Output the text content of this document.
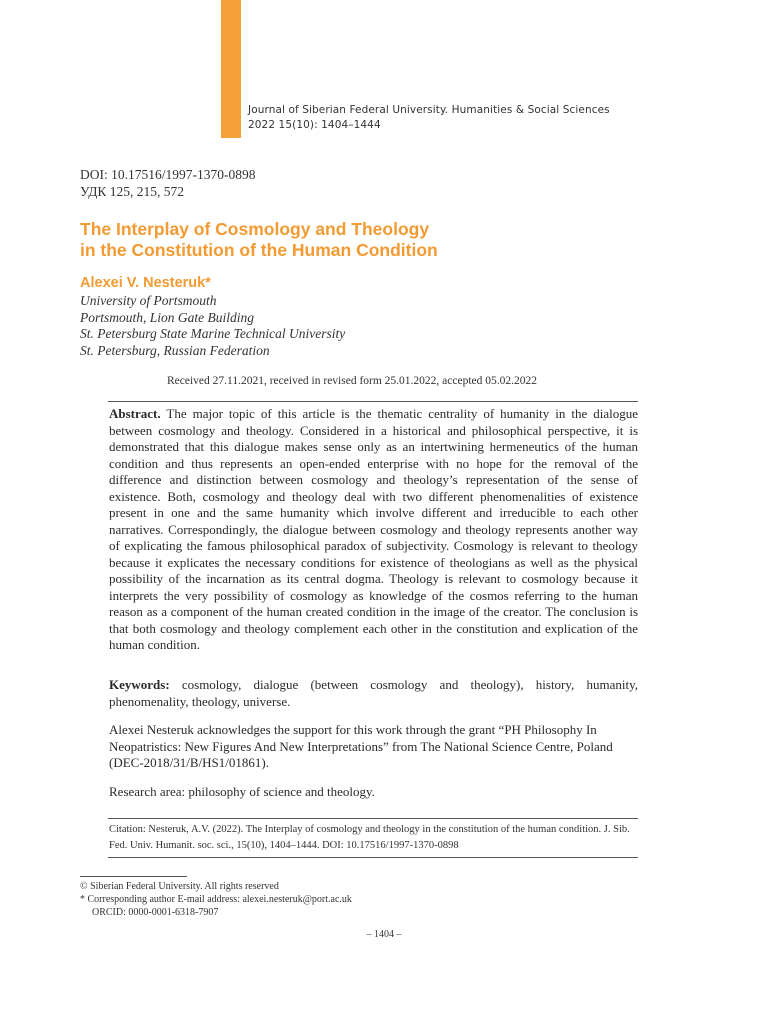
Journal of Siberian Federal University. Humanities & Social Sciences
2022 15(10): 1404–1444
DOI: 10.17516/1997-1370-0898
УДК 125, 215, 572
The Interplay of Cosmology and Theology
in the Constitution of the Human Condition
Alexei V. Nesteruk*
University of Portsmouth
Portsmouth, Lion Gate Building
St. Petersburg State Marine Technical University
St. Petersburg, Russian Federation
Received 27.11.2021, received in revised form 25.01.2022, accepted 05.02.2022
Abstract. The major topic of this article is the thematic centrality of humanity in the dialogue between cosmology and theology. Considered in a historical and philosophical perspective, it is demonstrated that this dialogue makes sense only as an intertwining hermeneutics of the human condition and thus represents an open-ended enterprise with no hope for the removal of the difference and distinction between cosmology and theology’s representation of the sense of existence. Both, cosmology and theology deal with two different phenomenalities of existence present in one and the same humanity which involve different and irreducible to each other narratives. Correspondingly, the dialogue between cosmology and theology represents another way of explicating the famous philosophical paradox of subjectivity. Cosmology is relevant to theology because it explicates the necessary conditions for existence of theologians as well as the physical possibility of the incarnation as its central dogma. Theology is relevant to cosmology because it interprets the very possibility of cosmology as knowledge of the cosmos referring to the human reason as a component of the human created condition in the image of the creator. The conclusion is that both cosmology and theology complement each other in the constitution and explication of the human condition.
Keywords: cosmology, dialogue (between cosmology and theology), history, humanity, phenomenality, theology, universe.
Alexei Nesteruk acknowledges the support for this work through the grant “PH Philosophy In Neopatristics: New Figures And New Interpretations” from The National Science Centre, Poland (DEC-2018/31/B/HS1/01861).
Research area: philosophy of science and theology.
Citation: Nesteruk, A.V. (2022). The Interplay of cosmology and theology in the constitution of the human condition. J. Sib. Fed. Univ. Humanit. soc. sci., 15(10), 1404–1444. DOI: 10.17516/1997-1370-0898
© Siberian Federal University. All rights reserved
* Corresponding author E-mail address: alexei.nesteruk@port.ac.uk
ORCID: 0000-0001-6318-7907
– 1404 –
